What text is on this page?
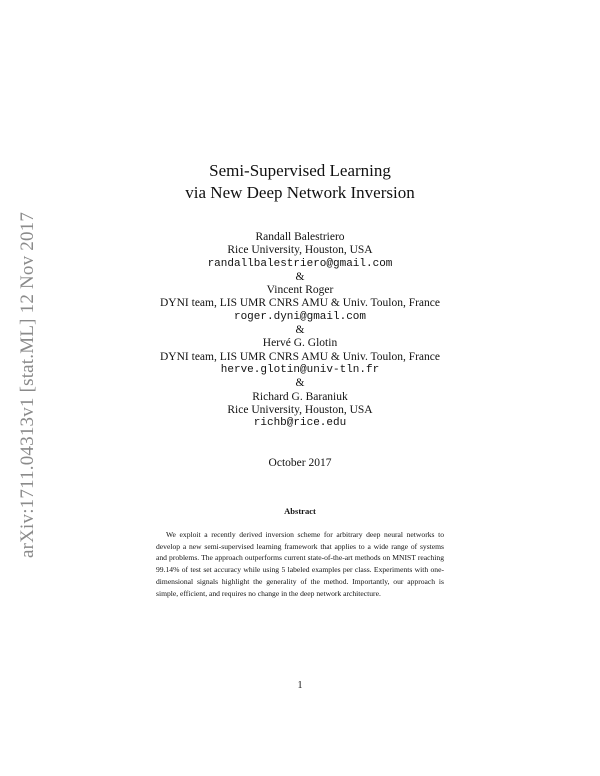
arXiv:1711.04313v1 [stat.ML] 12 Nov 2017
Semi-Supervised Learning
via New Deep Network Inversion
Randall Balestriero
Rice University, Houston, USA
randallbalestriero@gmail.com
&
Vincent Roger
DYNI team, LIS UMR CNRS AMU & Univ. Toulon, France
roger.dyni@gmail.com
&
Hervé G. Glotin
DYNI team, LIS UMR CNRS AMU & Univ. Toulon, France
herve.glotin@univ-tln.fr
&
Richard G. Baraniuk
Rice University, Houston, USA
richb@rice.edu
October 2017
Abstract

We exploit a recently derived inversion scheme for arbitrary deep neural networks to develop a new semi-supervised learning framework that applies to a wide range of systems and problems. The approach outperforms current state-of-the-art methods on MNIST reaching 99.14% of test set accuracy while using 5 labeled examples per class. Experiments with one-dimensional signals highlight the generality of the method. Importantly, our approach is simple, efficient, and requires no change in the deep network architecture.

1
